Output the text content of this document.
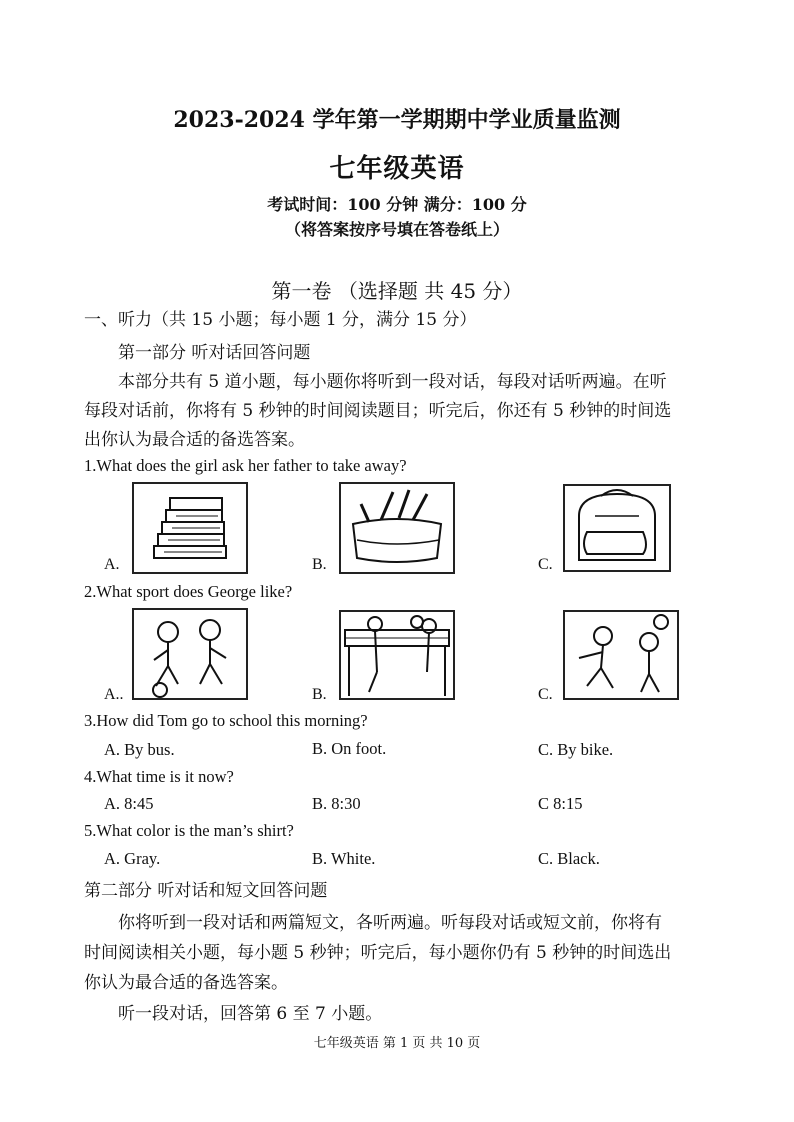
2023-2024 学年第一学期期中学业质量监测
七年级英语
考试时间：100 分钟 满分：100 分
（将答案按序号填在答卷纸上）
第一卷 （选择题 共 45 分）
一、听力（共 15 小题；每小题 1 分，满分 15 分）
第一部分 听对话回答问题
本部分共有 5 道小题，每小题你将听到一段对话，每段对话听两遍。在听
每段对话前，你将有 5 秒钟的时间阅读题目；听完后，你还有 5 秒钟的时间选
出你认为最合适的备选答案。
1.What does the girl ask her father to take away?
A.	B.	C.
2.What sport does George like?
A..	B.	C.
3.How did Tom go to school this morning?
A. By bus.	B. On foot.	C. By bike.
4.What time is it now?
A. 8:45	B. 8:30	C 8:15
5.What color is the man’s shirt?
A. Gray.	B. White.	C. Black.
第二部分 听对话和短文回答问题
你将听到一段对话和两篇短文，各听两遍。听每段对话或短文前，你将有
时间阅读相关小题，每小题 5 秒钟；听完后，每小题你仍有 5 秒钟的时间选出
你认为最合适的备选答案。
听一段对话，回答第 6 至 7 小题。
七年级英语 第 1 页 共 10 页
